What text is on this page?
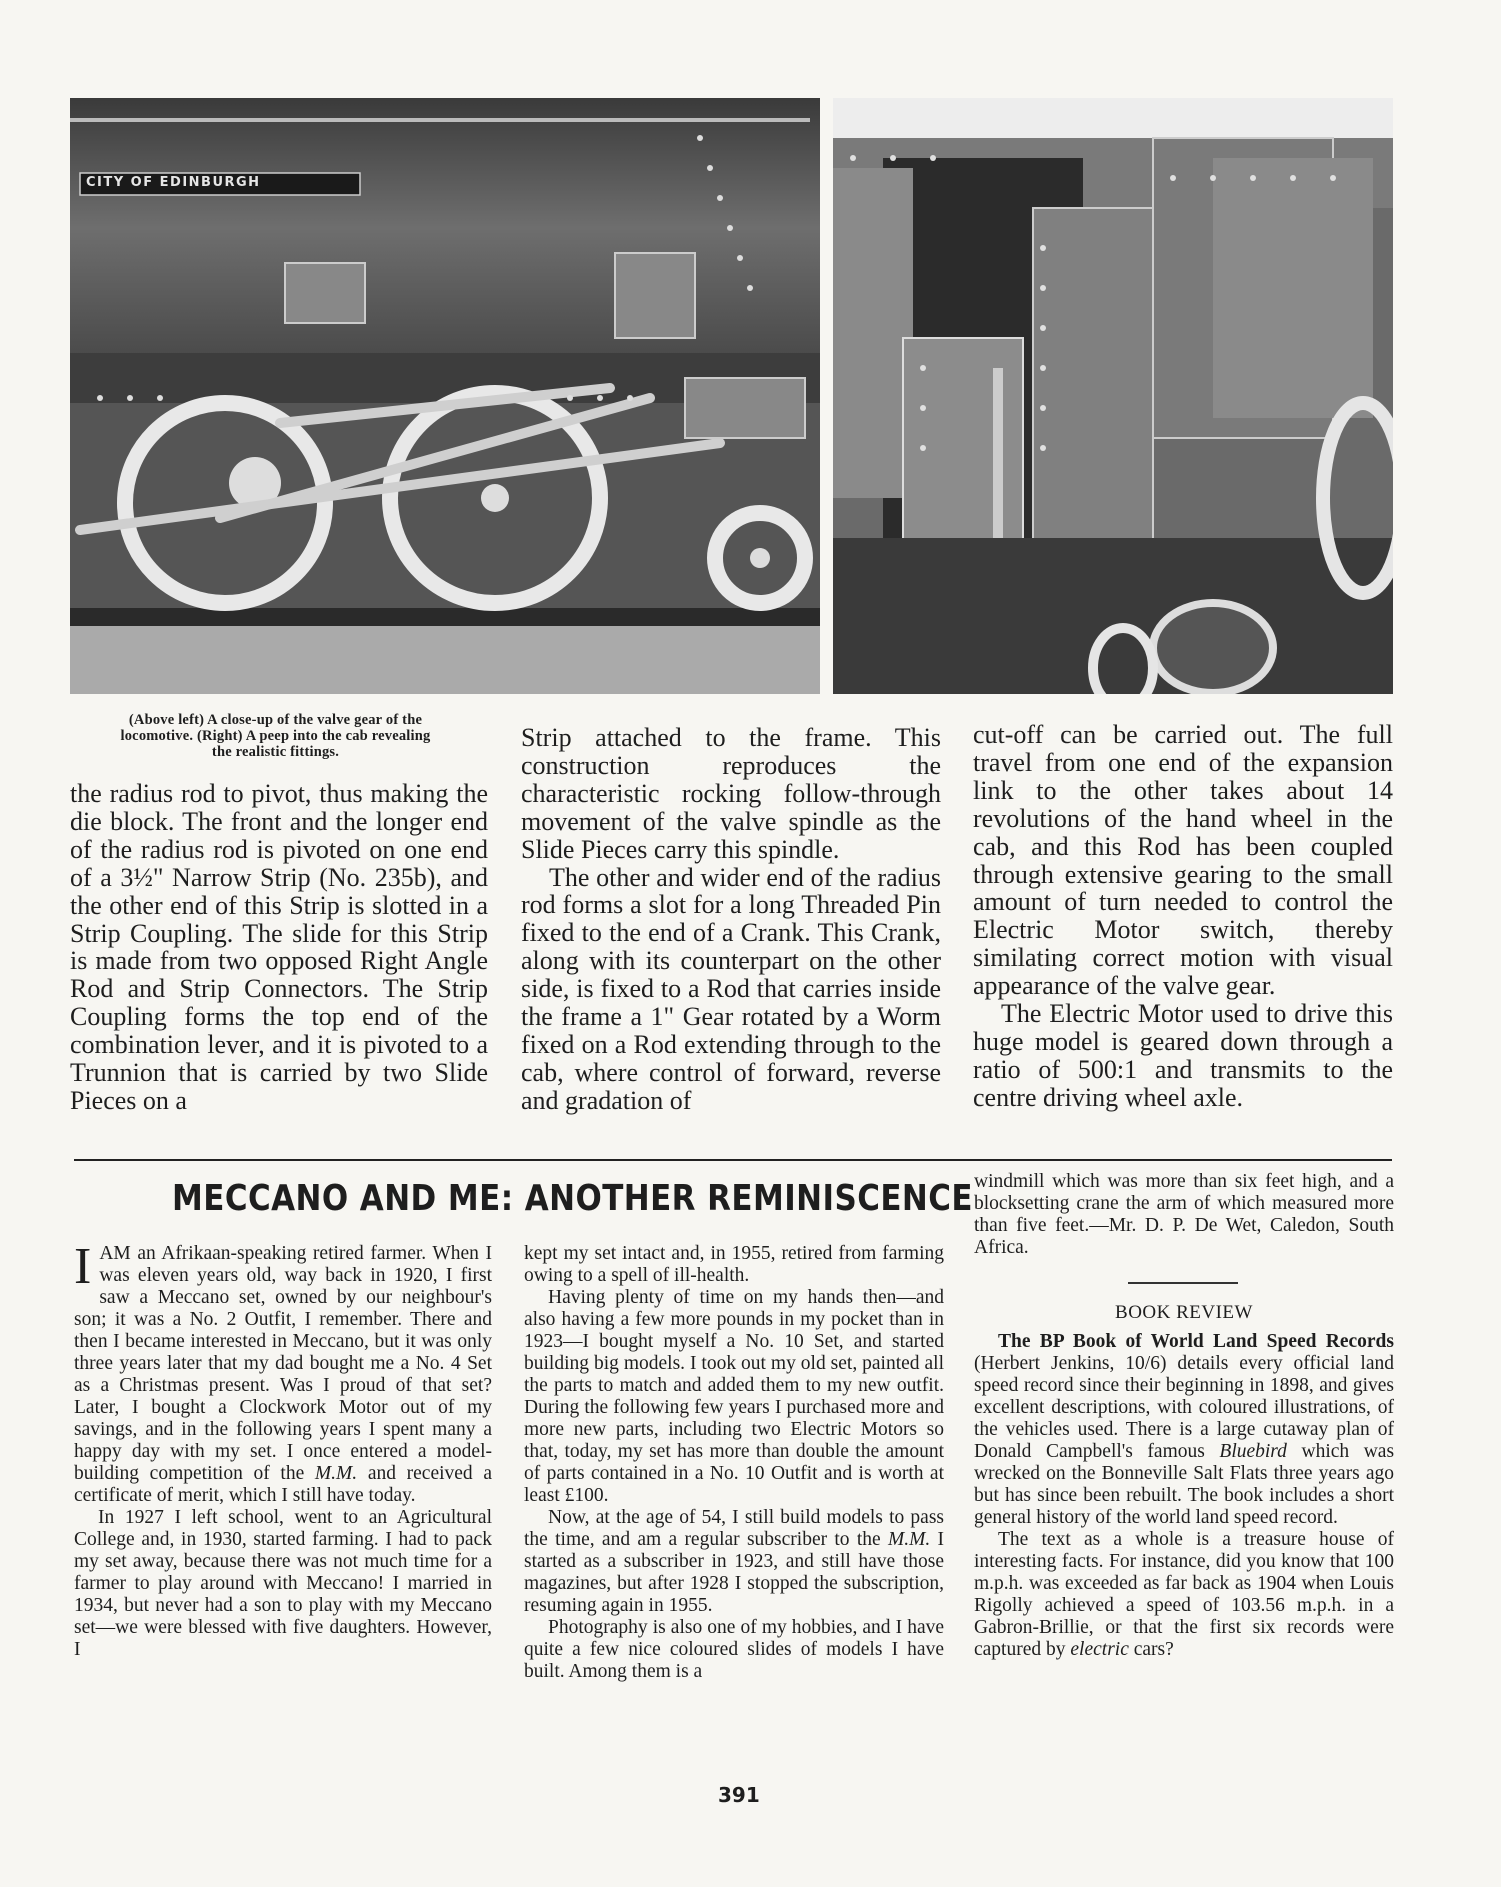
CITY OF EDINBURGH
(Above left) A close-up of the valve gear of the
locomotive. (Right) A peep into the cab revealing
the realistic fittings.

the radius rod to pivot, thus making the die block. The front and the longer end of the radius rod is pivoted on one end of a 3½" Narrow Strip (No. 235b), and the other end of this Strip is slotted in a Strip Coupling. The slide for this Strip is made from two opposed Right Angle Rod and Strip Connectors. The Strip Coupling forms the top end of the combination lever, and it is pivoted to a Trunnion that is carried by two Slide Pieces on a

Strip attached to the frame. This construction reproduces the characteristic rocking follow-through movement of the valve spindle as the Slide Pieces carry this spindle.

The other and wider end of the radius rod forms a slot for a long Threaded Pin fixed to the end of a Crank. This Crank, along with its counterpart on the other side, is fixed to a Rod that carries inside the frame a 1" Gear rotated by a Worm fixed on a Rod extending through to the cab, where control of forward, reverse and gradation of

cut-off can be carried out. The full travel from one end of the expansion link to the other takes about 14 revolutions of the hand wheel in the cab, and this Rod has been coupled through extensive gearing to the small amount of turn needed to control the Electric Motor switch, thereby similating correct motion with visual appearance of the valve gear.

The Electric Motor used to drive this huge model is geared down through a ratio of 500:1 and transmits to the centre driving wheel axle.

MECCANO AND ME: ANOTHER REMINISCENCE

IAM an Afrikaan-speaking retired farmer. When I was eleven years old, way back in 1920, I first saw a Meccano set, owned by our neighbour's son; it was a No. 2 Outfit, I remember. There and then I became interested in Meccano, but it was only three years later that my dad bought me a No. 4 Set as a Christmas present. Was I proud of that set? Later, I bought a Clockwork Motor out of my savings, and in the following years I spent many a happy day with my set. I once entered a model-building competition of the M.M. and received a certificate of merit, which I still have today.

In 1927 I left school, went to an Agricultural College and, in 1930, started farming. I had to pack my set away, because there was not much time for a farmer to play around with Meccano! I married in 1934, but never had a son to play with my Meccano set—we were blessed with five daughters. However, I

kept my set intact and, in 1955, retired from farming owing to a spell of ill-health.

Having plenty of time on my hands then—and also having a few more pounds in my pocket than in 1923—I bought myself a No. 10 Set, and started building big models. I took out my old set, painted all the parts to match and added them to my new outfit. During the following few years I purchased more and more new parts, including two Electric Motors so that, today, my set has more than double the amount of parts contained in a No. 10 Outfit and is worth at least £100.

Now, at the age of 54, I still build models to pass the time, and am a regular subscriber to the M.M. I started as a subscriber in 1923, and still have those magazines, but after 1928 I stopped the subscription, resuming again in 1955.

Photography is also one of my hobbies, and I have quite a few nice coloured slides of models I have built. Among them is a

windmill which was more than six feet high, and a blocksetting crane the arm of which measured more than five feet.—Mr. D. P. De Wet, Caledon, South Africa.

BOOK REVIEW

The BP Book of World Land Speed Records (Herbert Jenkins, 10/6) details every official land speed record since their beginning in 1898, and gives excellent descriptions, with coloured illustrations, of the vehicles used. There is a large cutaway plan of Donald Campbell's famous Bluebird which was wrecked on the Bonneville Salt Flats three years ago but has since been rebuilt. The book includes a short general history of the world land speed record.

The text as a whole is a treasure house of interesting facts. For instance, did you know that 100 m.p.h. was exceeded as far back as 1904 when Louis Rigolly achieved a speed of 103.56 m.p.h. in a Gabron-Brillie, or that the first six records were captured by electric cars?

391
